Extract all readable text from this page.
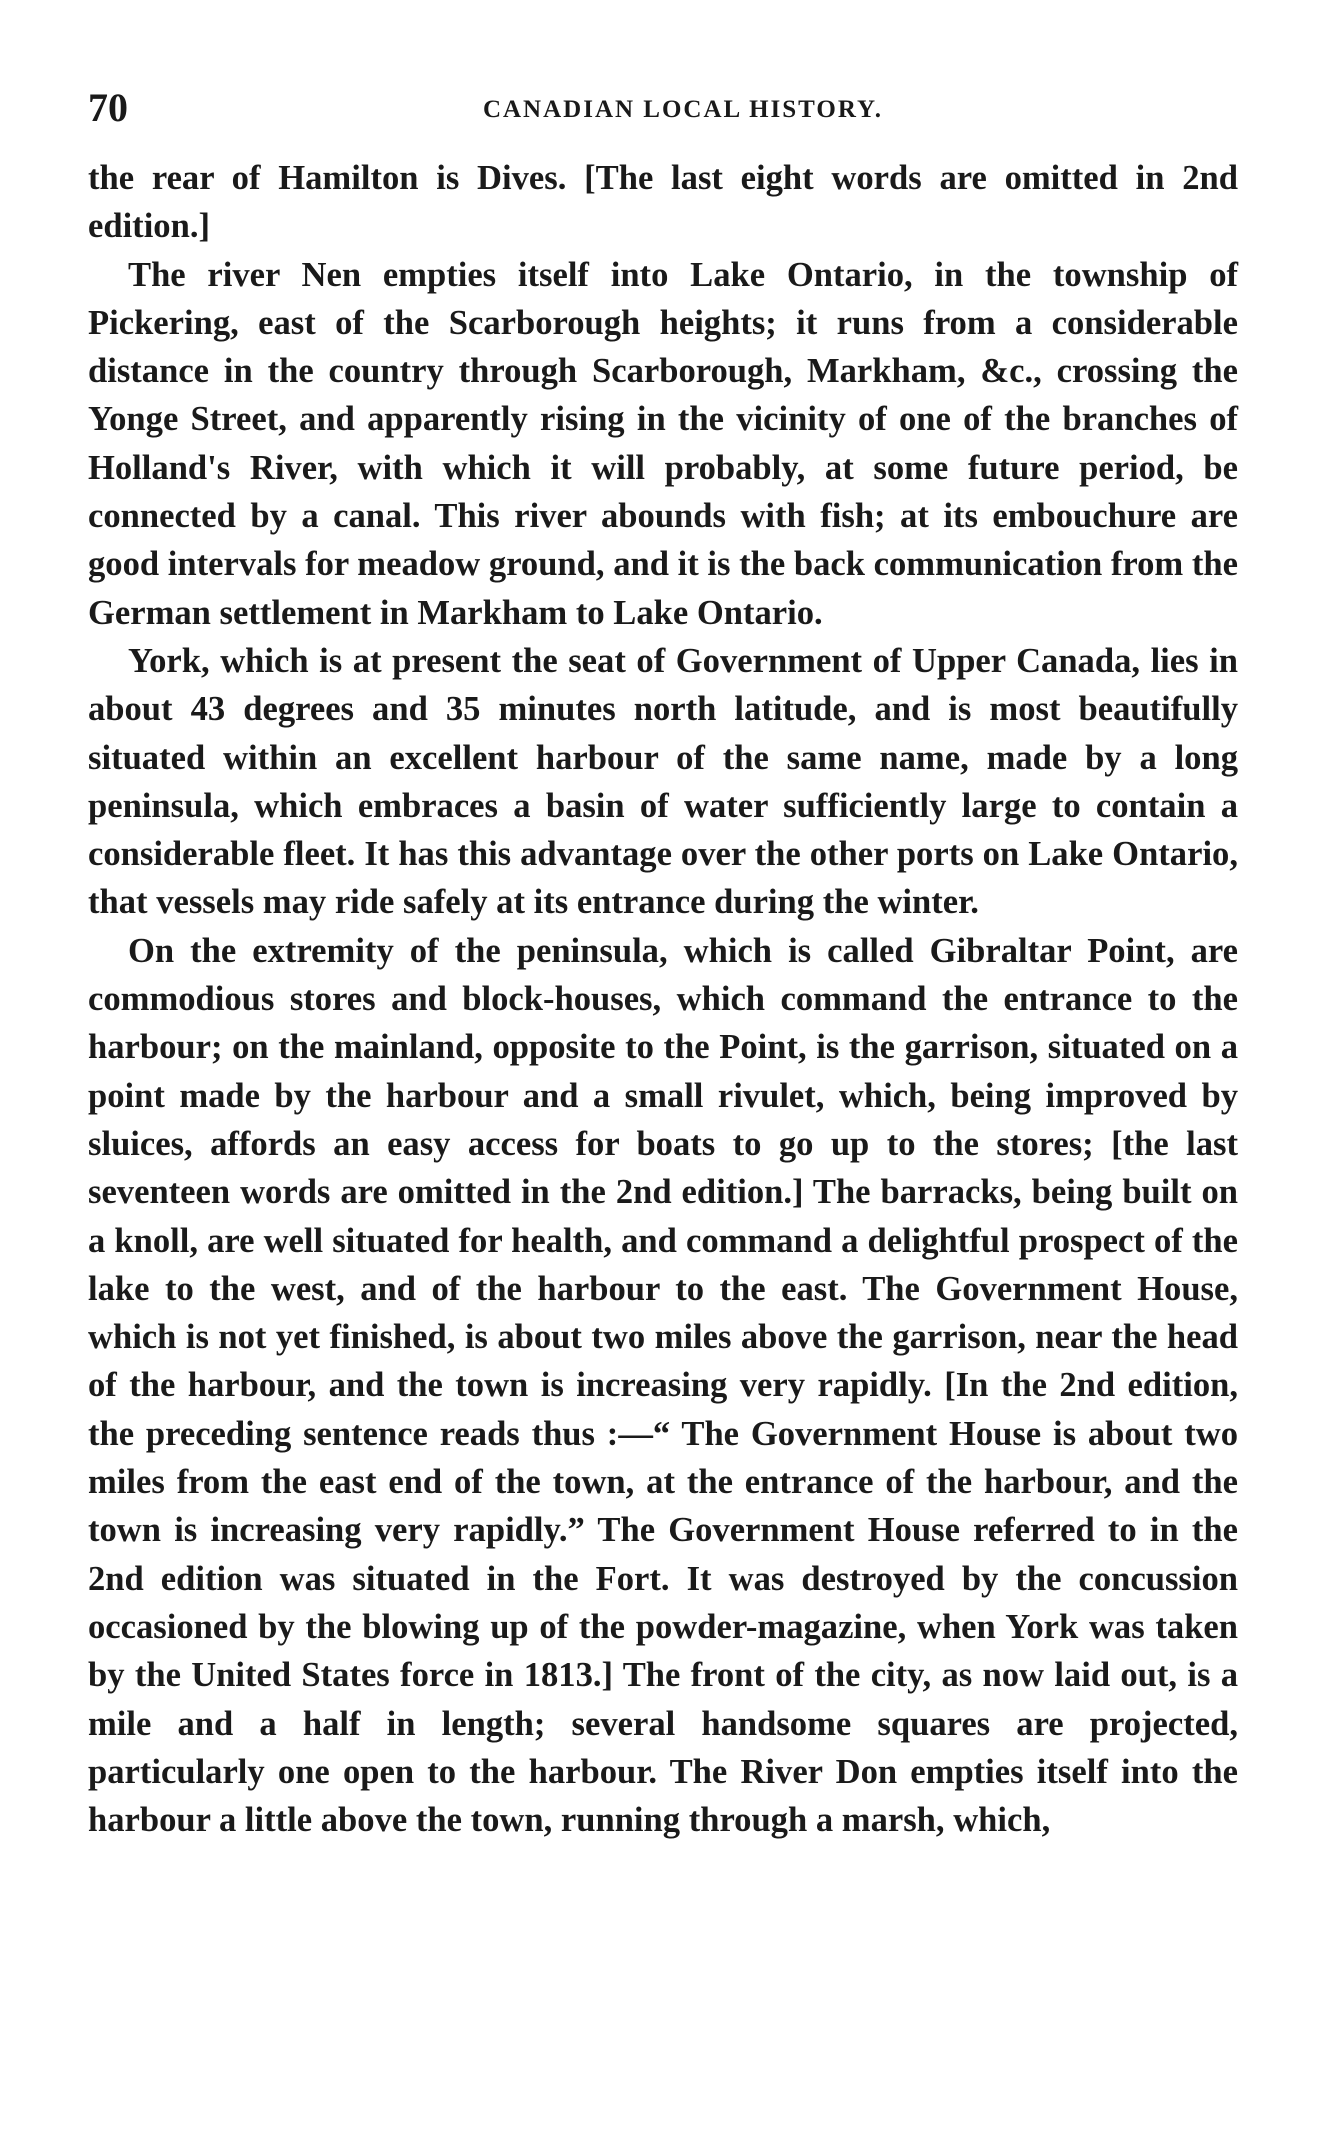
70	CANADIAN LOCAL HISTORY.

the rear of Hamilton is Dives. [The last eight words are omitted in 2nd edition.]

The river Nen empties itself into Lake Ontario, in the township of Pickering, east of the Scarborough heights; it runs from a considerable distance in the country through Scarborough, Markham, &c., crossing the Yonge Street, and apparently rising in the vicinity of one of the branches of Holland's River, with which it will probably, at some future period, be connected by a canal. This river abounds with fish; at its embouchure are good intervals for meadow ground, and it is the back communication from the German settlement in Markham to Lake Ontario.

York, which is at present the seat of Government of Upper Canada, lies in about 43 degrees and 35 minutes north latitude, and is most beautifully situated within an excellent harbour of the same name, made by a long peninsula, which embraces a basin of water sufficiently large to contain a considerable fleet. It has this advantage over the other ports on Lake Ontario, that vessels may ride safely at its entrance during the winter.

On the extremity of the peninsula, which is called Gibraltar Point, are commodious stores and block-houses, which command the entrance to the harbour; on the mainland, opposite to the Point, is the garrison, situated on a point made by the harbour and a small rivulet, which, being improved by sluices, affords an easy access for boats to go up to the stores; [the last seventeen words are omitted in the 2nd edition.] The barracks, being built on a knoll, are well situated for health, and command a delightful prospect of the lake to the west, and of the harbour to the east. The Government House, which is not yet finished, is about two miles above the garrison, near the head of the harbour, and the town is increasing very rapidly. [In the 2nd edition, the preceding sentence reads thus :—“ The Government House is about two miles from the east end of the town, at the entrance of the harbour, and the town is increasing very rapidly.” The Government House referred to in the 2nd edition was situated in the Fort. It was destroyed by the concussion occasioned by the blowing up of the powder-magazine, when York was taken by the United States force in 1813.] The front of the city, as now laid out, is a mile and a half in length; several handsome squares are projected, particularly one open to the harbour. The River Don empties itself into the harbour a little above the town, running through a marsh, which,
